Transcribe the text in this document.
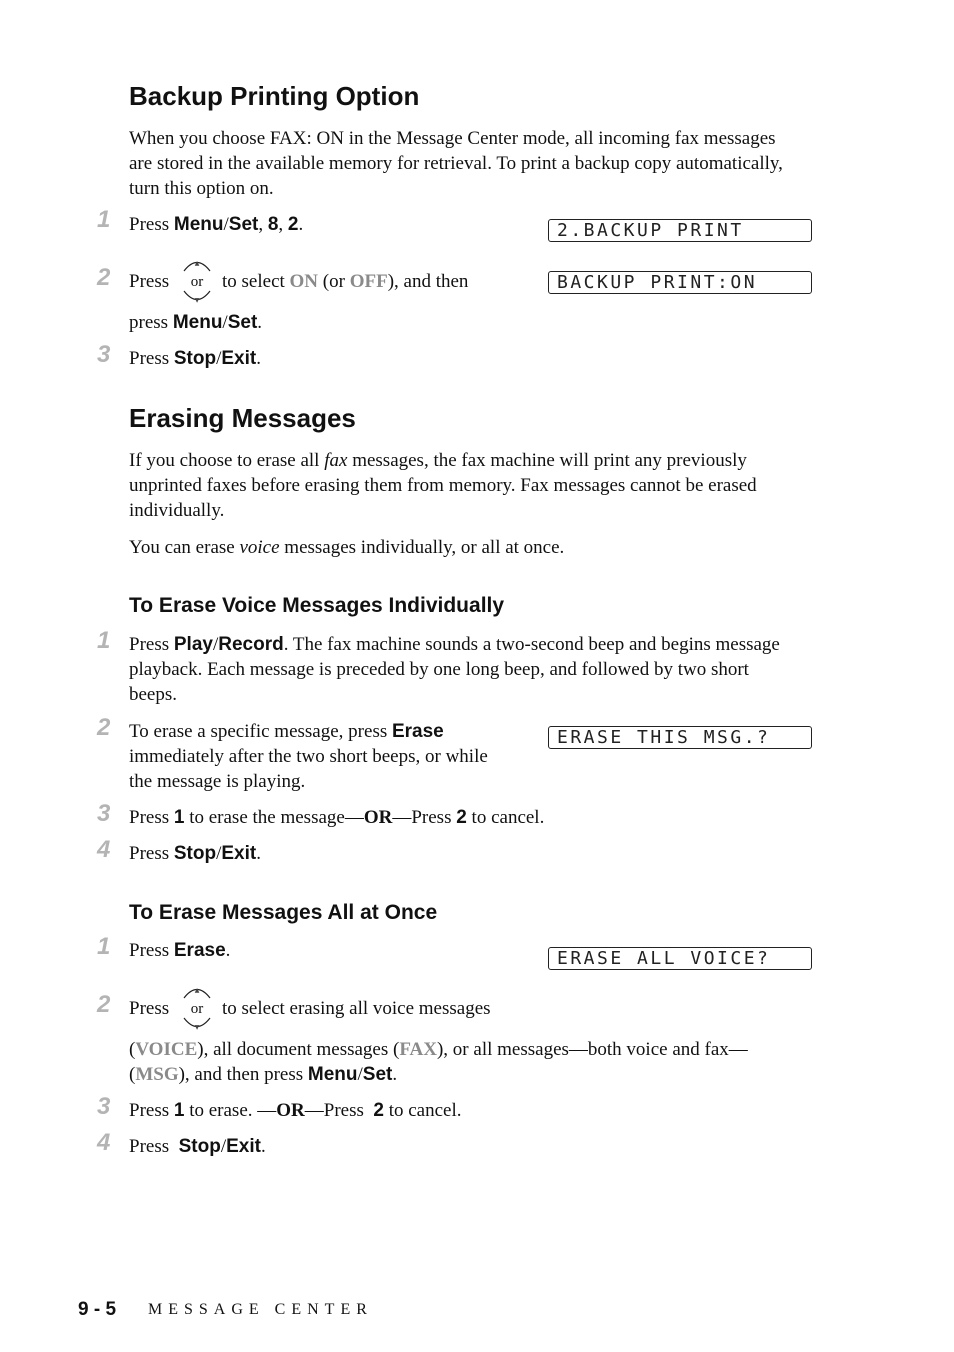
Backup Printing Option
When you choose FAX: ON in the Message Center mode, all incoming fax messages
are stored in the available memory for retrieval. To print a backup copy automatically,
turn this option on.
1 Press Menu/Set, 8, 2.	2.BACKUP PRINT
2 Press
▲
▼
or to select ON (or OFF), and then	BACKUP PRINT:ON
press Menu/Set.
3 Press Stop/Exit.
Erasing Messages
If you choose to erase all fax messages, the fax machine will print any previously
unprinted faxes before erasing them from memory. Fax messages cannot be erased
individually.
You can erase voice messages individually, or all at once.
To Erase Voice Messages Individually
1 Press Play/Record. The fax machine sounds a two-second beep and begins message
playback. Each message is preceded by one long beep, and followed by two short
beeps.
2 To erase a specific message, press Erase
immediately after the two short beeps, or while
the message is playing.
ERASE THIS MSG.?
3 Press 1 to erase the message—OR—Press 2 to cancel.
4 Press Stop/Exit.
To Erase Messages All at Once
1 Press Erase.	ERASE ALL VOICE?
2 Press
▲
▼
or to select erasing all voice messages
(VOICE), all document messages (FAX), or all messages—both voice and fax—
(MSG), and then press Menu/Set.
3 Press 1 to erase. —OR—Press  2 to cancel.
4 Press  Stop/Exit.
9 - 5 MESSAGE CENTER
